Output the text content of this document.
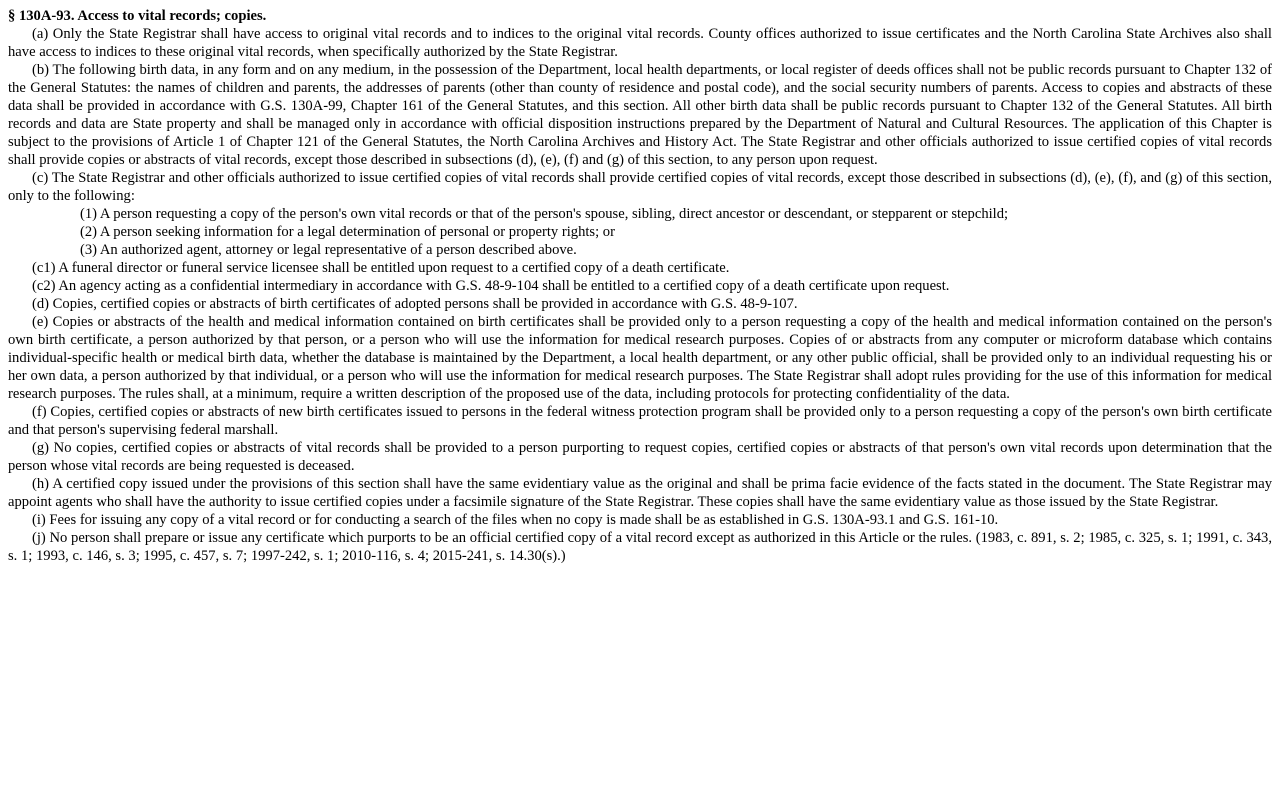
§ 130A-93. Access to vital records; copies.

(a) Only the State Registrar shall have access to original vital records and to indices to the original vital records. County offices authorized to issue certificates and the North Carolina State Archives also shall have access to indices to these original vital records, when specifically authorized by the State Registrar.

(b) The following birth data, in any form and on any medium, in the possession of the Department, local health departments, or local register of deeds offices shall not be public records pursuant to Chapter 132 of the General Statutes: the names of children and parents, the addresses of parents (other than county of residence and postal code), and the social security numbers of parents. Access to copies and abstracts of these data shall be provided in accordance with G.S. 130A-99, Chapter 161 of the General Statutes, and this section. All other birth data shall be public records pursuant to Chapter 132 of the General Statutes. All birth records and data are State property and shall be managed only in accordance with official disposition instructions prepared by the Department of Natural and Cultural Resources. The application of this Chapter is subject to the provisions of Article 1 of Chapter 121 of the General Statutes, the North Carolina Archives and History Act. The State Registrar and other officials authorized to issue certified copies of vital records shall provide copies or abstracts of vital records, except those described in subsections (d), (e), (f) and (g) of this section, to any person upon request.

(c) The State Registrar and other officials authorized to issue certified copies of vital records shall provide certified copies of vital records, except those described in subsections (d), (e), (f), and (g) of this section, only to the following:

(1) A person requesting a copy of the person's own vital records or that of the person's spouse, sibling, direct ancestor or descendant, or stepparent or stepchild;

(2) A person seeking information for a legal determination of personal or property rights; or

(3) An authorized agent, attorney or legal representative of a person described above.

(c1) A funeral director or funeral service licensee shall be entitled upon request to a certified copy of a death certificate.

(c2) An agency acting as a confidential intermediary in accordance with G.S. 48-9-104 shall be entitled to a certified copy of a death certificate upon request.

(d) Copies, certified copies or abstracts of birth certificates of adopted persons shall be provided in accordance with G.S. 48-9-107.

(e) Copies or abstracts of the health and medical information contained on birth certificates shall be provided only to a person requesting a copy of the health and medical information contained on the person's own birth certificate, a person authorized by that person, or a person who will use the information for medical research purposes. Copies of or abstracts from any computer or microform database which contains individual-specific health or medical birth data, whether the database is maintained by the Department, a local health department, or any other public official, shall be provided only to an individual requesting his or her own data, a person authorized by that individual, or a person who will use the information for medical research purposes. The State Registrar shall adopt rules providing for the use of this information for medical research purposes. The rules shall, at a minimum, require a written description of the proposed use of the data, including protocols for protecting confidentiality of the data.

(f) Copies, certified copies or abstracts of new birth certificates issued to persons in the federal witness protection program shall be provided only to a person requesting a copy of the person's own birth certificate and that person's supervising federal marshall.

(g) No copies, certified copies or abstracts of vital records shall be provided to a person purporting to request copies, certified copies or abstracts of that person's own vital records upon determination that the person whose vital records are being requested is deceased.

(h) A certified copy issued under the provisions of this section shall have the same evidentiary value as the original and shall be prima facie evidence of the facts stated in the document. The State Registrar may appoint agents who shall have the authority to issue certified copies under a facsimile signature of the State Registrar. These copies shall have the same evidentiary value as those issued by the State Registrar.

(i) Fees for issuing any copy of a vital record or for conducting a search of the files when no copy is made shall be as established in G.S. 130A-93.1 and G.S. 161-10.

(j) No person shall prepare or issue any certificate which purports to be an official certified copy of a vital record except as authorized in this Article or the rules. (1983, c. 891, s. 2; 1985, c. 325, s. 1; 1991, c. 343, s. 1; 1993, c. 146, s. 3; 1995, c. 457, s. 7; 1997-242, s. 1; 2010-116, s. 4; 2015-241, s. 14.30(s).)
